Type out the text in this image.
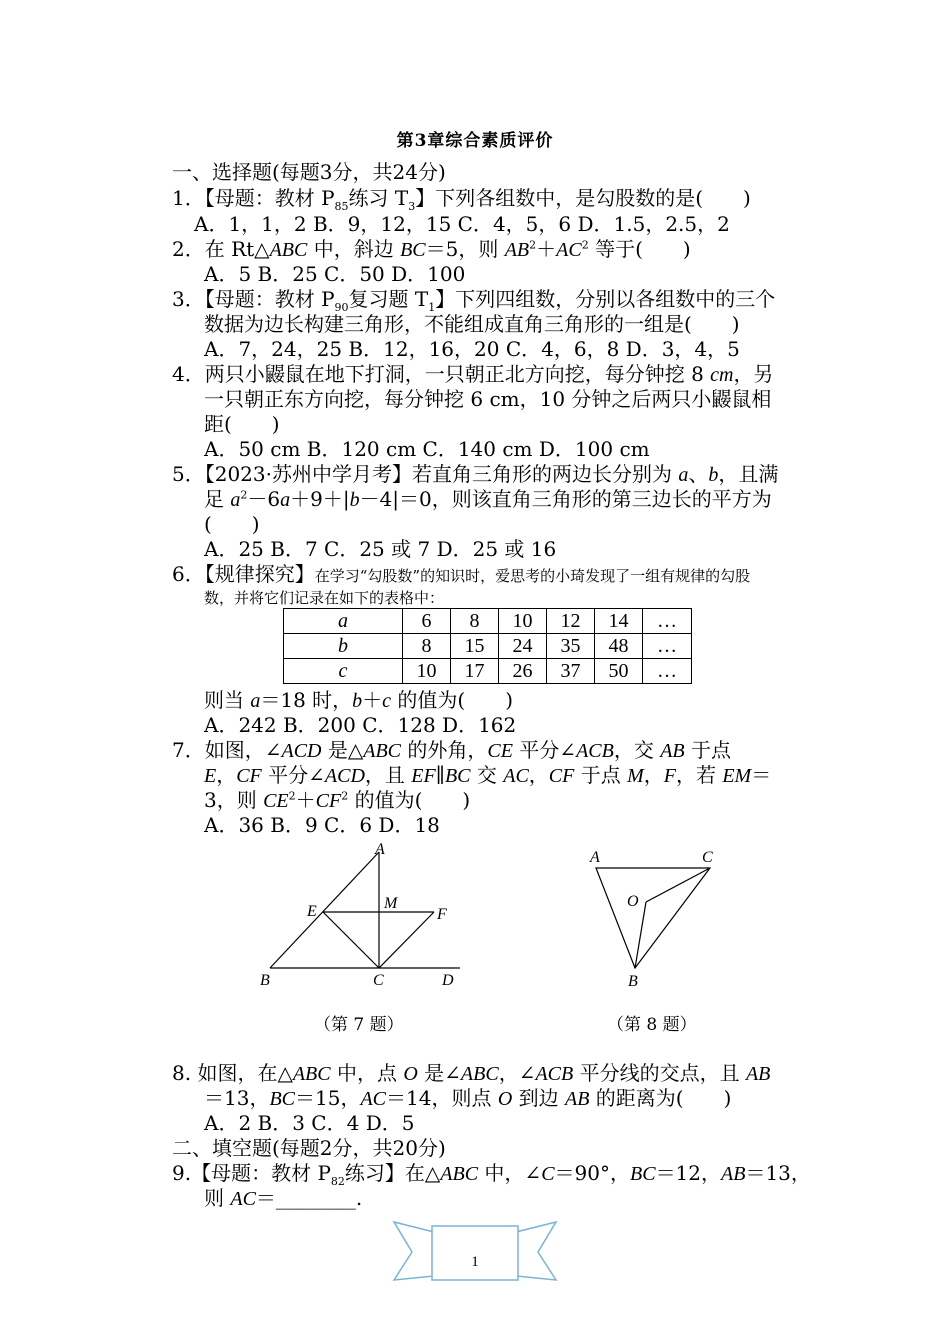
第3章综合素质评价
一、选择题(每题3分，共24分)
1．【母题：教材 $P_{85}$练习 $T_3$】下列各组数中，是勾股数的是(　　)
A．1，1，2 B．9，12，15 C．4，5，6 D．1.5，2.5，2
2．在 Rt△ABC 中，斜边 BC＝5，则 $AB^2+AC^2$ 等于(　　)
A．5 B．25 C．50 D．100
3．【母题：教材 $P_{90}$复习题 $T_1$】下列四组数，分别以各组数中的三个
数据为边长构建三角形，不能组成直角三角形的一组是(　　)
A．7，24，25 B．12，16，20 C．4，6，8 D．3，4，5
4．两只小鼹鼠在地下打洞，一只朝正北方向挖，每分钟挖 8 cm，另
一只朝正东方向挖，每分钟挖 6 cm，10 分钟之后两只小鼹鼠相
距(　　)
A．50 cm B．120 cm C．140 cm D．100 cm
5．【2023·苏州中学月考】若直角三角形的两边长分别为 a、b，且满
足 $a^2-6a+9+|b-4|=0$，则该直角三角形的第三边长的平方为
(　　)
A．25 B．7 C．25 或 7 D．25 或 16
6．【规律探究】在学习“勾股数”的知识时，爱思考的小琦发现了一组有规律的勾股
数，并将它们记录在如下的表格中：
a	6	8	10	12	14	…
b	8	15	24	35	48	…
c	10	17	26	37	50	…
则当 a＝18 时，b＋c 的值为(　　)
A．242 B．200 C．128 D．162
7．如图，∠ACD 是△ABC 的外角，CE 平分∠ACB，交 AB 于点
E，CF 平分∠ACD，且 EF∥BC 交 AC，CF 于点 M，F，若 EM＝
3，则 $CE^2+CF^2$ 的值为(　　)
A．36 B．9 C．6 D．18
A
B	C	D
E	F
M
（第 7 题）
A	C
B
O
（第 8 题）
8. 如图，在△ABC 中，点 O 是∠ABC，∠ACB 平分线的交点，且 AB
＝13，BC＝15，AC＝14，则点 O 到边 AB 的距离为(　　)
A．2 B．3 C．4 D．5
二、填空题(每题2分，共20分)
9.【母题：教材 $P_{82}$练习】在△ABC 中，∠C＝90°，BC＝12，AB＝13，
则 AC＝________.
1
